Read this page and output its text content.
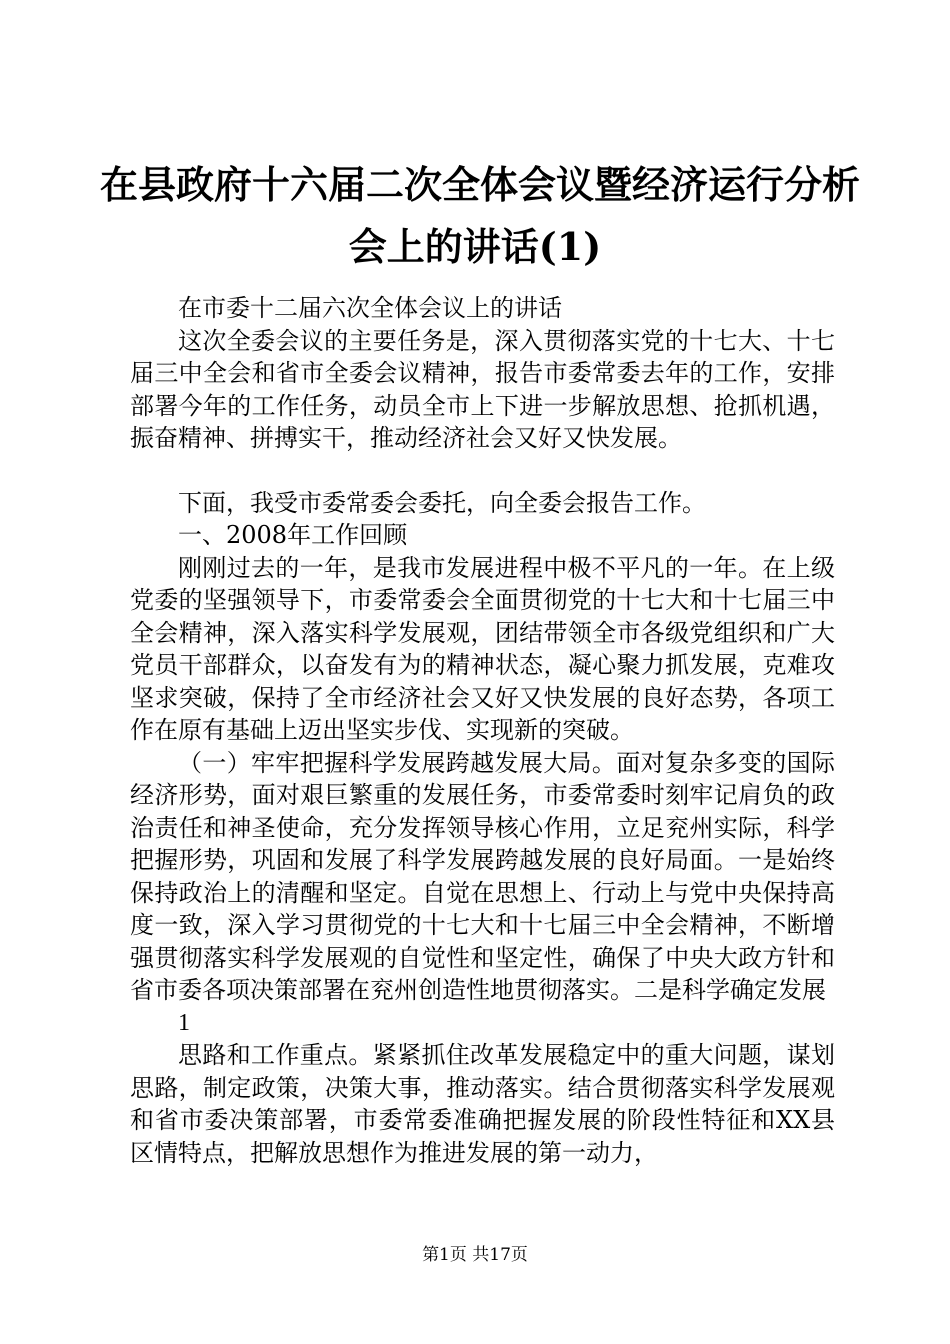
在县政府十六届二次全体会议暨经济运行分析
会上的讲话(1)

在市委十二届六次全体会议上的讲话

这次全委会议的主要任务是，深入贯彻落实党的十七大、十七届三中全会和省市全委会议精神，报告市委常委去年的工作，安排部署今年的工作任务，动员全市上下进一步解放思想、抢抓机遇，振奋精神、拼搏实干，推动经济社会又好又快发展。

下面，我受市委常委会委托，向全委会报告工作。

一、2008年工作回顾

刚刚过去的一年，是我市发展进程中极不平凡的一年。在上级党委的坚强领导下，市委常委会全面贯彻党的十七大和十七届三中全会精神，深入落实科学发展观，团结带领全市各级党组织和广大党员干部群众，以奋发有为的精神状态，凝心聚力抓发展，克难攻坚求突破，保持了全市经济社会又好又快发展的良好态势，各项工作在原有基础上迈出坚实步伐、实现新的突破。

（一）牢牢把握科学发展跨越发展大局。面对复杂多变的国际经济形势，面对艰巨繁重的发展任务，市委常委时刻牢记肩负的政治责任和神圣使命，充分发挥领导核心作用，立足兖州实际，科学把握形势，巩固和发展了科学发展跨越发展的良好局面。一是始终保持政治上的清醒和坚定。自觉在思想上、行动上与党中央保持高度一致，深入学习贯彻党的十七大和十七届三中全会精神，不断增强贯彻落实科学发展观的自觉性和坚定性，确保了中央大政方针和省市委各项决策部署在兖州创造性地贯彻落实。二是科学确定发展

1

思路和工作重点。紧紧抓住改革发展稳定中的重大问题，谋划思路，制定政策，决策大事，推动落实。结合贯彻落实科学发展观和省市委决策部署，市委常委准确把握发展的阶段性特征和XX县区情特点，把解放思想作为推进发展的第一动力，

第1页 共17页
